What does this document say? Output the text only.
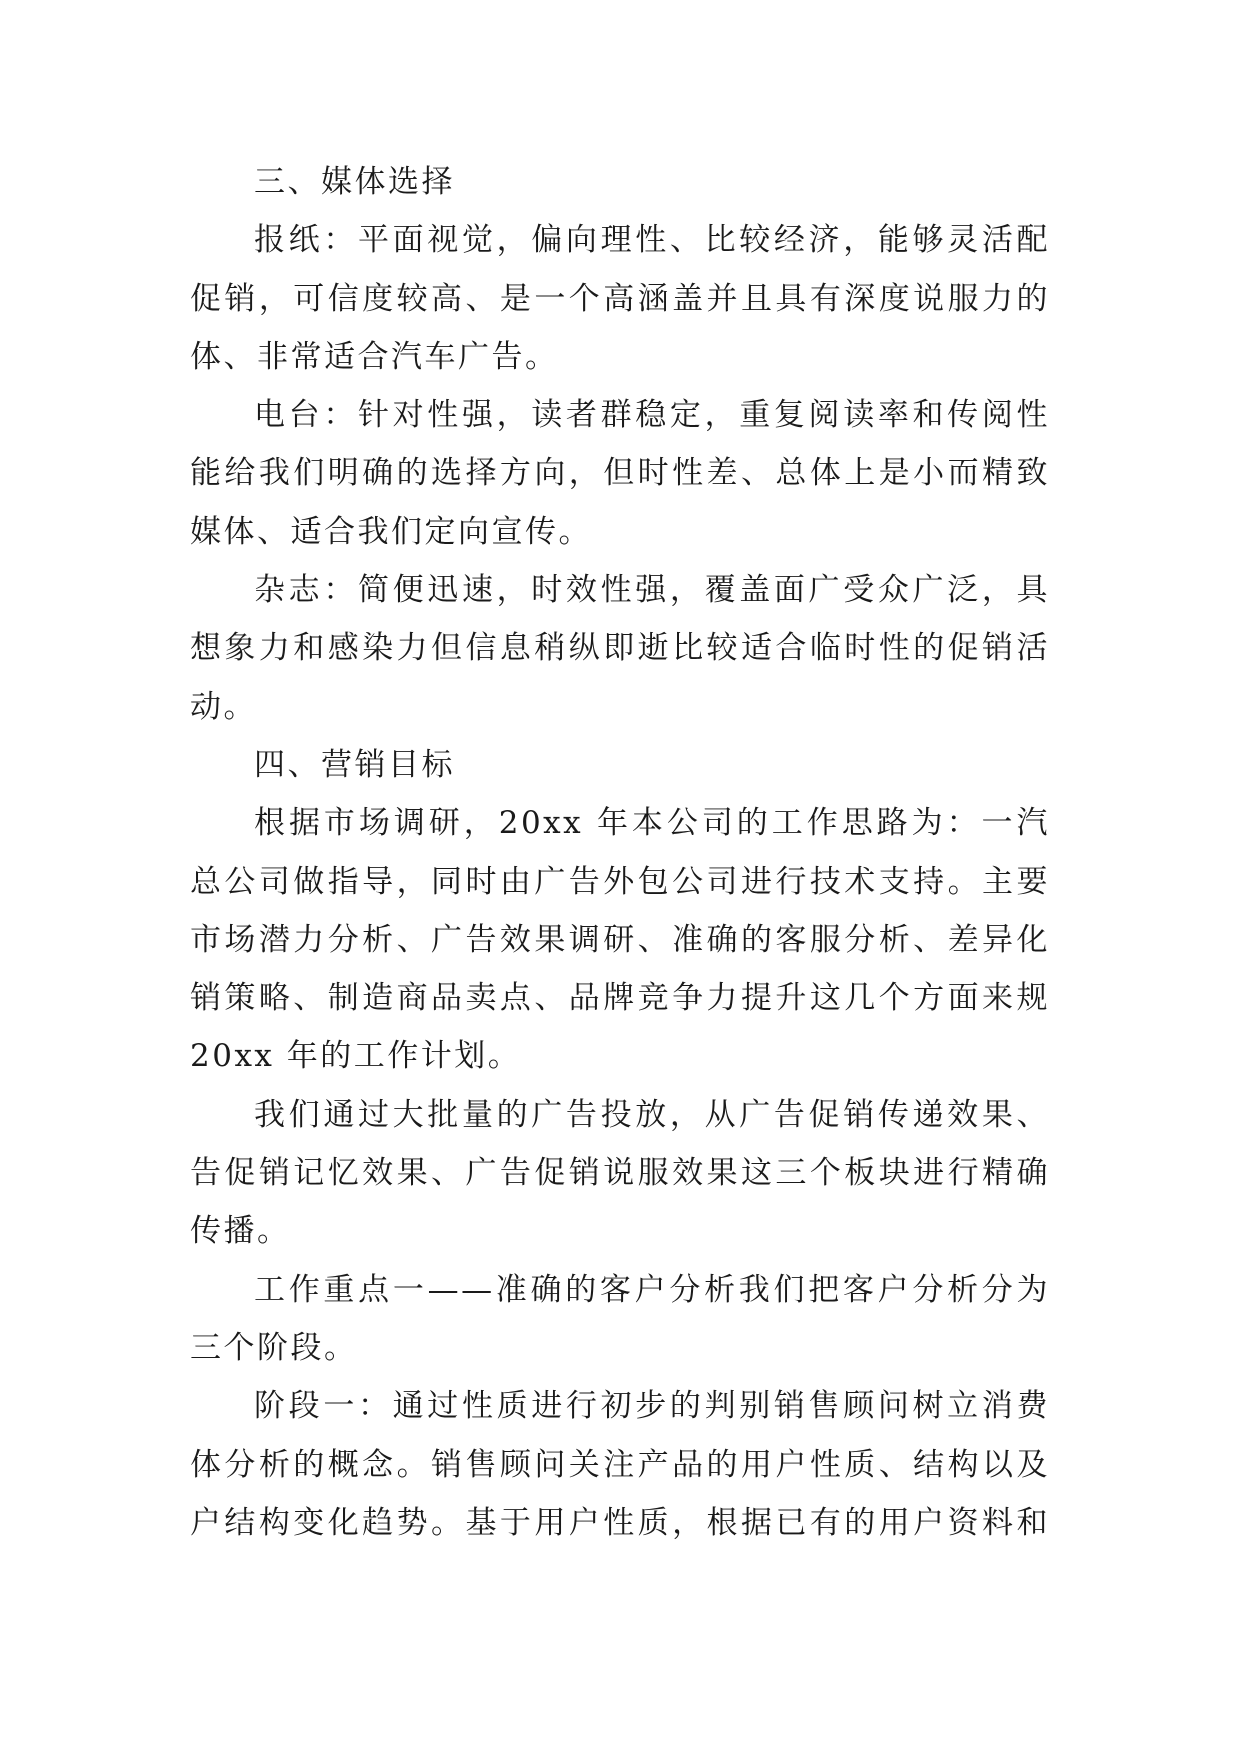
三、媒体选择
报纸：平面视觉，偏向理性、比较经济，能够灵活配
促销，可信度较高、是一个高涵盖并且具有深度说服力的
体、非常适合汽车广告。
电台：针对性强，读者群稳定，重复阅读率和传阅性
能给我们明确的选择方向，但时性差、总体上是小而精致
媒体、适合我们定向宣传。
杂志：简便迅速，时效性强，覆盖面广受众广泛，具
想象力和感染力但信息稍纵即逝比较适合临时性的促销活
动。
四、营销目标
根据市场调研，20xx 年本公司的工作思路为：一汽
总公司做指导，同时由广告外包公司进行技术支持。主要
市场潜力分析、广告效果调研、准确的客服分析、差异化
销策略、制造商品卖点、品牌竞争力提升这几个方面来规
20xx 年的工作计划。
我们通过大批量的广告投放，从广告促销传递效果、
告促销记忆效果、广告促销说服效果这三个板块进行精确
传播。
工作重点一——准确的客户分析我们把客户分析分为
三个阶段。
阶段一：通过性质进行初步的判别销售顾问树立消费
体分析的概念。销售顾问关注产品的用户性质、结构以及
户结构变化趋势。基于用户性质，根据已有的用户资料和
